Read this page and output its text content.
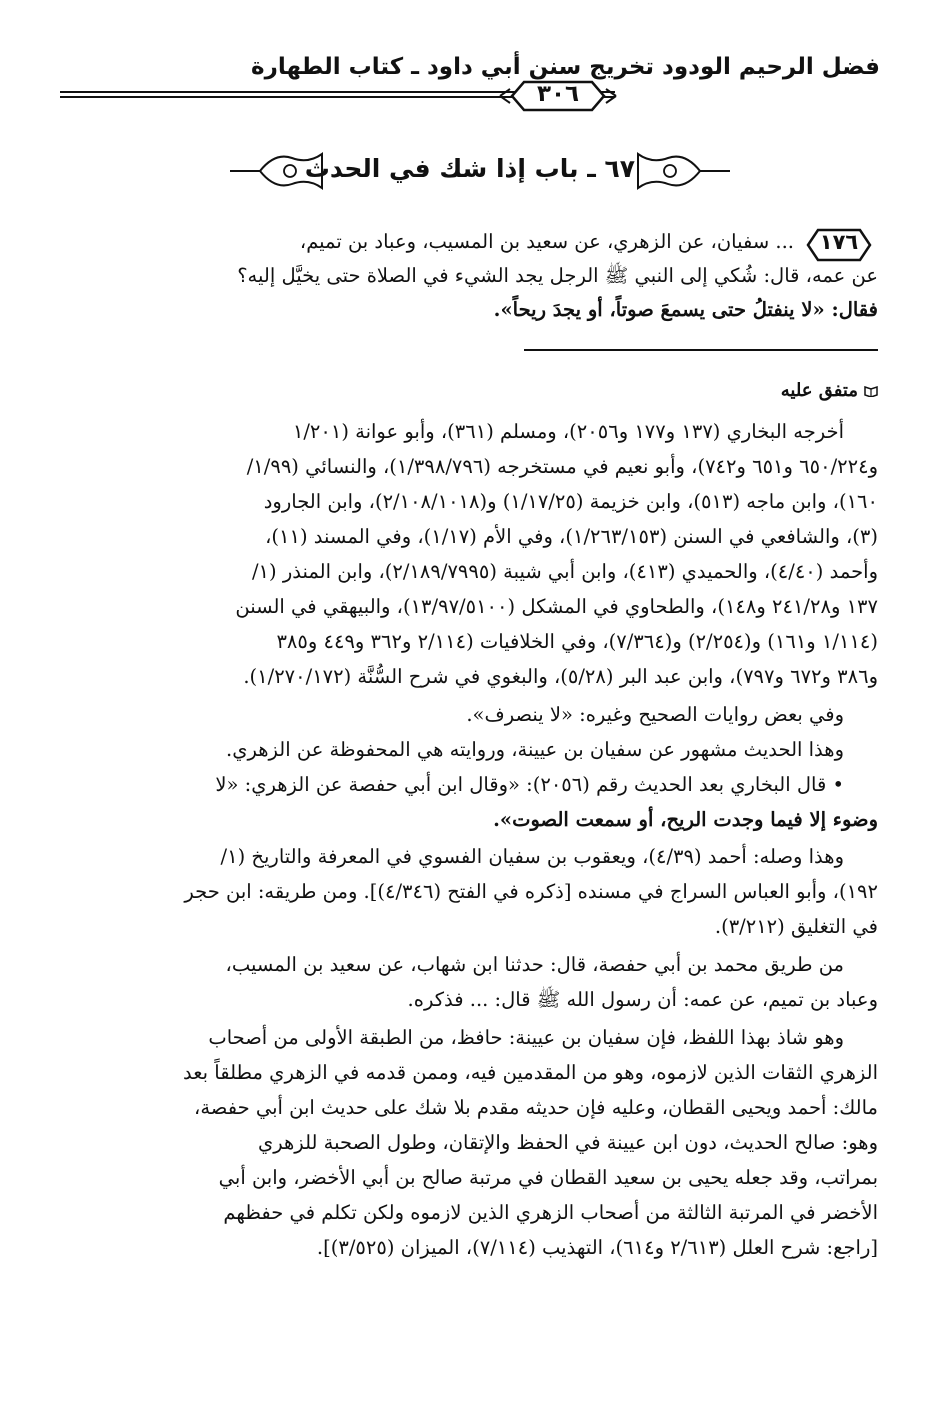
فضل الرحيم الودود تخريج سنن أبي داود ـ كتاب الطهارة
٣٠٦
٦٧ ـ باب إذا شك في الحدث
١٧٦
... سفيان، عن الزهري، عن سعيد بن المسيب، وعباد بن تميم،
عن عمه، قال: شُكي إلى النبي ﷺ الرجل يجد الشيء في الصلاة حتى يخيَّل إليه؟
فقال: «لا ينفتلُ حتى يسمعَ صوتاً، أو يجدَ ريحاً».
متفق عليه
أخرجه البخاري (١٣٧ و١٧٧ و٢٠٥٦)، ومسلم (٣٦١)، وأبو عوانة (١/٢٠١
و٦٥٠/٢٢٤ و٦٥١ و٧٤٢)، وأبو نعيم في مستخرجه (١/٣٩٨/٧٩٦)، والنسائي (١/٩٩/
١٦٠)، وابن ماجه (٥١٣)، وابن خزيمة (١/١٧/٢٥) و(٢/١٠٨/١٠١٨)، وابن الجارود
(٣)، والشافعي في السنن (١/٢٦٣/١٥٣)، وفي الأم (١/١٧)، وفي المسند (١١)،
وأحمد (٤/٤٠)، والحميدي (٤١٣)، وابن أبي شيبة (٢/١٨٩/٧٩٩٥)، وابن المنذر (١/
١٣٧ و٢٤١/٢٨ و١٤٨)، والطحاوي في المشكل (١٣/٩٧/٥١٠٠)، والبيهقي في السنن
(١/١١٤ و١٦١) و(٢/٢٥٤) و(٧/٣٦٤)، وفي الخلافيات (٢/١١٤ و٣٦٢ و٤٤٩ و٣٨٥
و٣٨٦ و٦٧٢ و٧٩٧)، وابن عبد البر (٥/٢٨)، والبغوي في شرح السُّنَّة (١/٢٧٠/١٧٢).
وفي بعض روايات الصحيح وغيره: «لا ينصرف».
وهذا الحديث مشهور عن سفيان بن عيينة، وروايته هي المحفوظة عن الزهري.
• قال البخاري بعد الحديث رقم (٢٠٥٦): «وقال ابن أبي حفصة عن الزهري: «لا
وضوء إلا فيما وجدت الريح، أو سمعت الصوت».
وهذا وصله: أحمد (٤/٣٩)، ويعقوب بن سفيان الفسوي في المعرفة والتاريخ (١/
١٩٢)، وأبو العباس السراج في مسنده [ذكره في الفتح (٤/٣٤٦)]. ومن طريقه: ابن حجر
في التغليق (٣/٢١٢).
من طريق محمد بن أبي حفصة، قال: حدثنا ابن شهاب، عن سعيد بن المسيب،
وعباد بن تميم، عن عمه: أن رسول الله ﷺ قال: ... فذكره.
وهو شاذ بهذا اللفظ، فإن سفيان بن عيينة: حافظ، من الطبقة الأولى من أصحاب
الزهري الثقات الذين لازموه، وهو من المقدمين فيه، وممن قدمه في الزهري مطلقاً بعد
مالك: أحمد ويحيى القطان، وعليه فإن حديثه مقدم بلا شك على حديث ابن أبي حفصة،
وهو: صالح الحديث، دون ابن عيينة في الحفظ والإتقان، وطول الصحبة للزهري
بمراتب، وقد جعله يحيى بن سعيد القطان في مرتبة صالح بن أبي الأخضر، وابن أبي
الأخضر في المرتبة الثالثة من أصحاب الزهري الذين لازموه ولكن تكلم في حفظهم
[راجع: شرح العلل (٢/٦١٣ و٦١٤)، التهذيب (٧/١١٤)، الميزان (٣/٥٢٥)].
